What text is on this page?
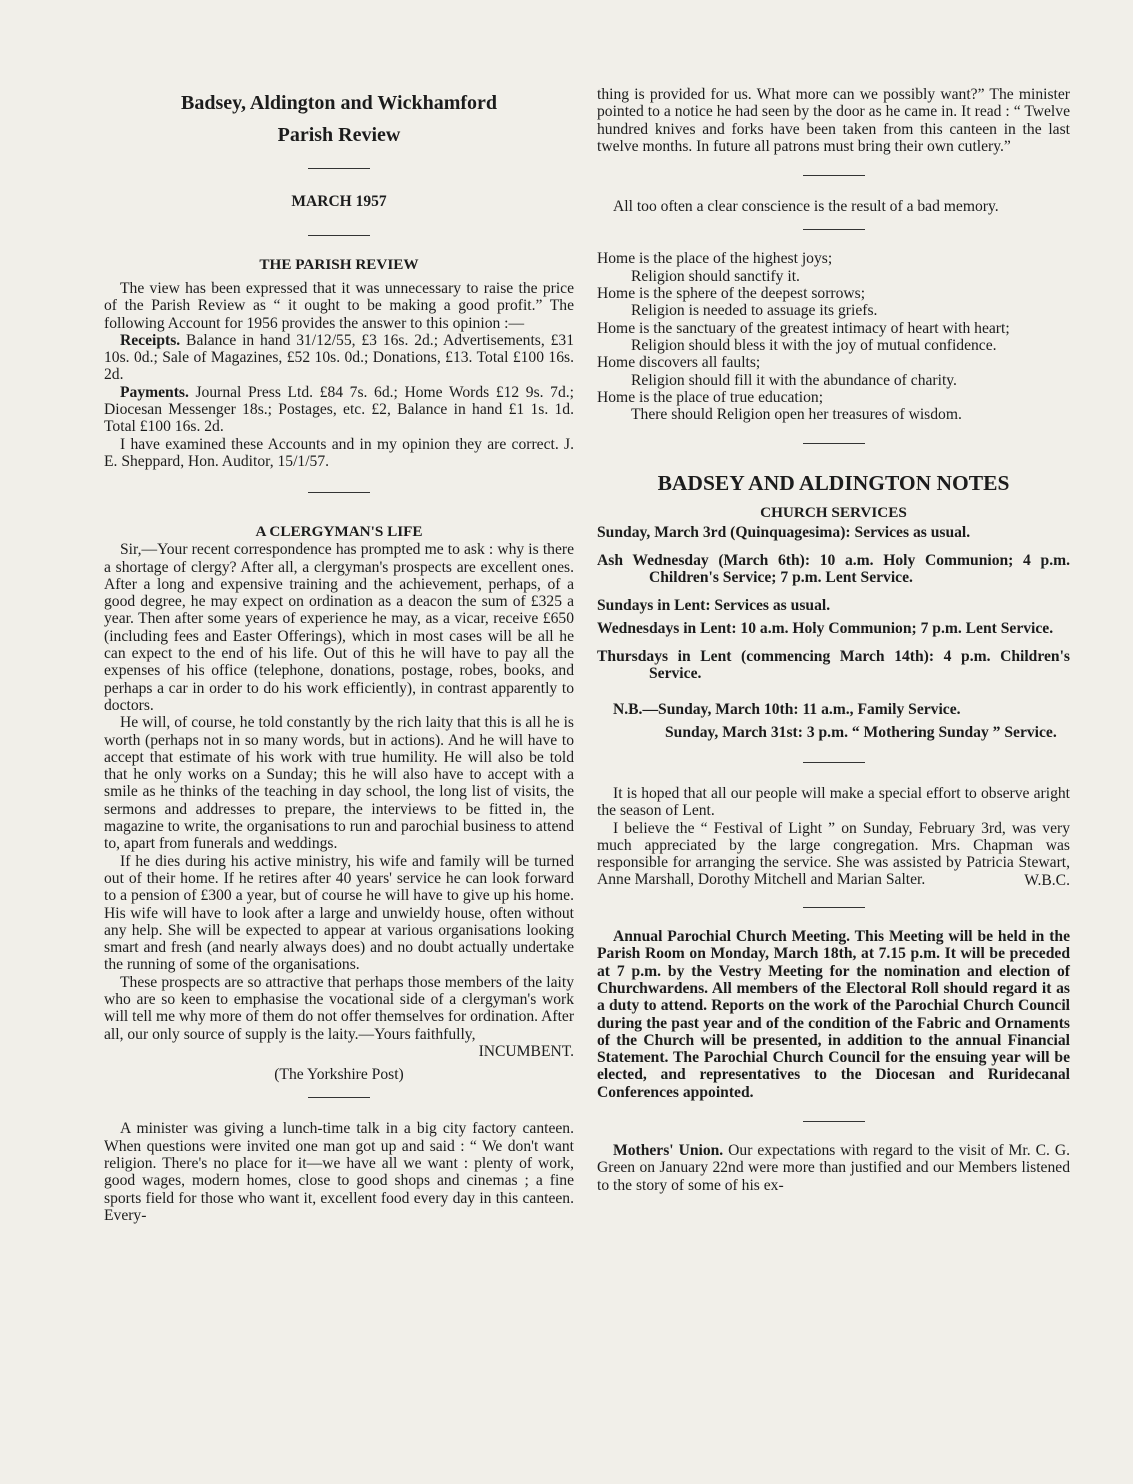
Badsey, Aldington and Wickhamford
Parish Review
MARCH 1957
THE PARISH REVIEW

The view has been expressed that it was unnecessary to raise the price of the Parish Review as “ it ought to be making a good profit.” The following Account for 1956 provides the answer to this opinion :—

Receipts. Balance in hand 31/12/55, £3 16s. 2d.; Advertisements, £31 10s. 0d.; Sale of Magazines, £52 10s. 0d.; Donations, £13. Total £100 16s. 2d.

Payments. Journal Press Ltd. £84 7s. 6d.; Home Words £12 9s. 7d.; Diocesan Messenger 18s.; Postages, etc. £2, Balance in hand £1 1s. 1d. Total £100 16s. 2d.

I have examined these Accounts and in my opinion they are correct. J. E. Sheppard, Hon. Auditor, 15/1/57.

A CLERGYMAN'S LIFE

Sir,—Your recent correspondence has prompted me to ask : why is there a shortage of clergy? After all, a clergyman's prospects are excellent ones. After a long and expensive training and the achievement, perhaps, of a good degree, he may expect on ordination as a deacon the sum of £325 a year. Then after some years of experience he may, as a vicar, receive £650 (including fees and Easter Offerings), which in most cases will be all he can expect to the end of his life. Out of this he will have to pay all the expenses of his office (telephone, donations, postage, robes, books, and perhaps a car in order to do his work efficiently), in contrast apparently to doctors.

He will, of course, he told constantly by the rich laity that this is all he is worth (perhaps not in so many words, but in actions). And he will have to accept that estimate of his work with true humility. He will also be told that he only works on a Sunday; this he will also have to accept with a smile as he thinks of the teaching in day school, the long list of visits, the sermons and addresses to prepare, the interviews to be fitted in, the magazine to write, the organisations to run and parochial business to attend to, apart from funerals and weddings.

If he dies during his active ministry, his wife and family will be turned out of their home. If he retires after 40 years' service he can look forward to a pension of £300 a year, but of course he will have to give up his home. His wife will have to look after a large and unwieldy house, often without any help. She will be expected to appear at various organisations looking smart and fresh (and nearly always does) and no doubt actually undertake the running of some of the organisations.

These prospects are so attractive that perhaps those members of the laity who are so keen to emphasise the vocational side of a clergyman's work will tell me why more of them do not offer themselves for ordination. After all, our only source of supply is the laity.—Yours faithfully,

INCUMBENT.

(The Yorkshire Post)

A minister was giving a lunch-time talk in a big city factory canteen. When questions were invited one man got up and said : “ We don't want religion. There's no place for it—we have all we want : plenty of work, good wages, modern homes, close to good shops and cinemas ; a fine sports field for those who want it, excellent food every day in this canteen. Every-

thing is provided for us. What more can we possibly want?” The minister pointed to a notice he had seen by the door as he came in. It read : “ Twelve hundred knives and forks have been taken from this canteen in the last twelve months. In future all patrons must bring their own cutlery.”

All too often a clear conscience is the result of a bad memory.

Home is the place of the highest joys;

Religion should sanctify it.

Home is the sphere of the deepest sorrows;

Religion is needed to assuage its griefs.

Home is the sanctuary of the greatest intimacy of heart with heart;

Religion should bless it with the joy of mutual confidence.

Home discovers all faults;

Religion should fill it with the abundance of charity.

Home is the place of true education;

There should Religion open her treasures of wisdom.

BADSEY AND ALDINGTON NOTES
CHURCH SERVICES

Sunday, March 3rd (Quinquagesima): Services as usual.

Ash Wednesday (March 6th): 10 a.m. Holy Communion; 4 p.m. Children's Service; 7 p.m. Lent Service.

Sundays in Lent: Services as usual.

Wednesdays in Lent: 10 a.m. Holy Communion; 7 p.m. Lent Service.

Thursdays in Lent (commencing March 14th): 4 p.m. Children's Service.

N.B.—Sunday, March 10th: 11 a.m., Family Service.

Sunday, March 31st: 3 p.m. “ Mothering Sunday ” Service.

It is hoped that all our people will make a special effort to observe aright the season of Lent.

I believe the “ Festival of Light ” on Sunday, February 3rd, was very much appreciated by the large congregation. Mrs. Chapman was responsible for arranging the service. She was assisted by Patricia Stewart, Anne Marshall, Dorothy Mitchell and Marian Salter.	W.B.C.

Annual Parochial Church Meeting. This Meeting will be held in the Parish Room on Monday, March 18th, at 7.15 p.m. It will be preceded at 7 p.m. by the Vestry Meeting for the nomination and election of Churchwardens. All members of the Electoral Roll should regard it as a duty to attend. Reports on the work of the Parochial Church Council during the past year and of the condition of the Fabric and Ornaments of the Church will be presented, in addition to the annual Financial Statement. The Parochial Church Council for the ensuing year will be elected, and representatives to the Diocesan and Ruridecanal Conferences appointed.

Mothers' Union. Our expectations with regard to the visit of Mr. C. G. Green on January 22nd were more than justified and our Members listened to the story of some of his ex-
